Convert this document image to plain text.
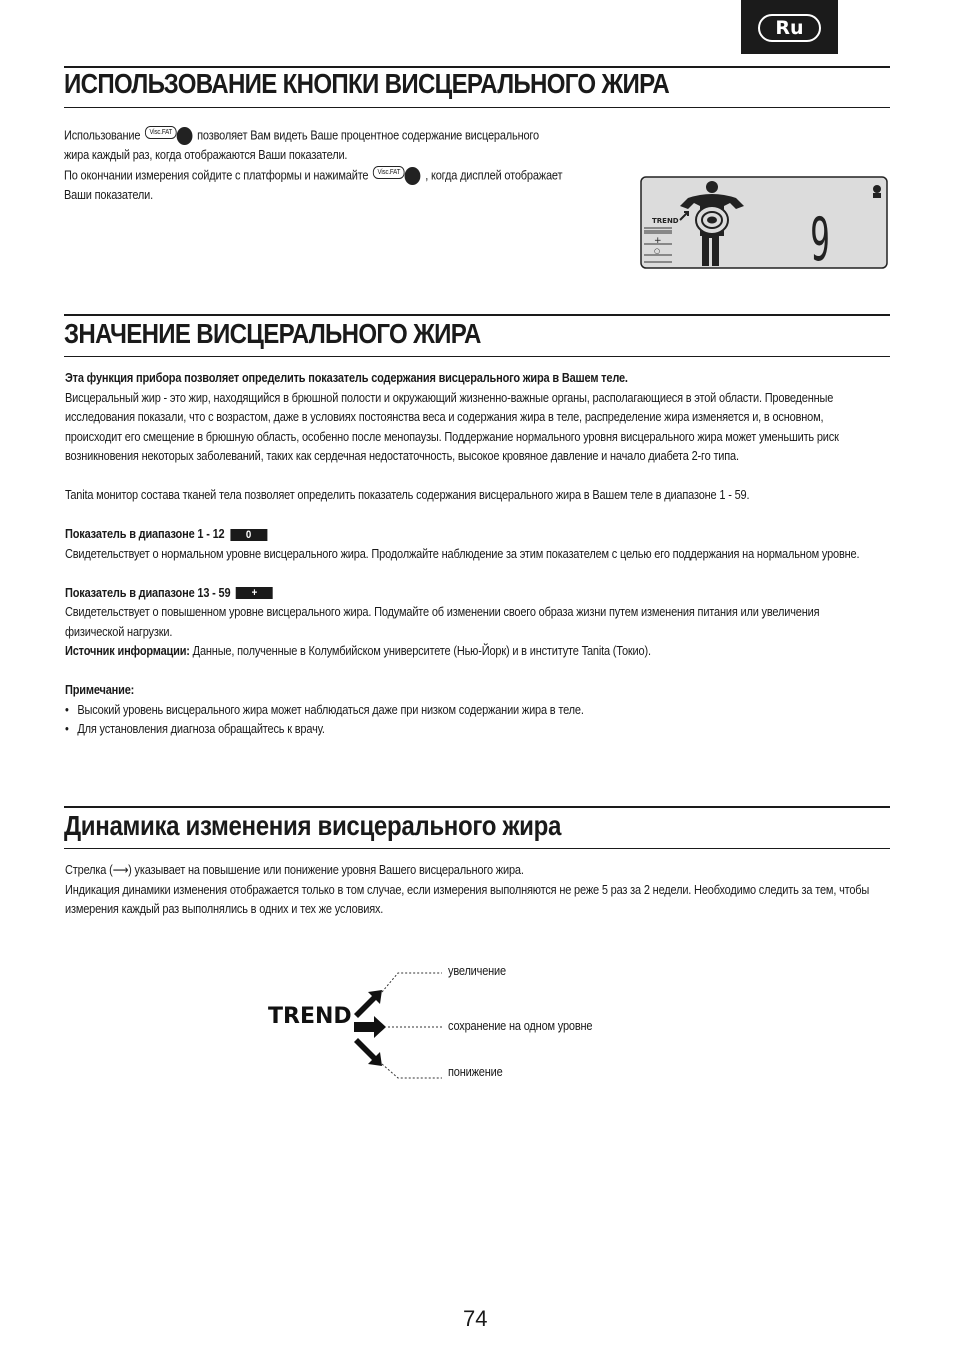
Ru
ИСПОЛЬЗОВАНИЕ КНОПКИ ВИСЦЕРАЛЬНОГО ЖИРА
Использование	Visc.FAT	позволяет Вам видеть Ваше процентное содержание висцерального
жира каждый раз, когда отображаются Ваши показатели.
По окончании измерения сойдите с платформы и нажимайте	Visc.FAT	, когда дисплей отображает
Ваши показатели.
TREND
+
○ 9
ЗНАЧЕНИЕ ВИСЦЕРАЛЬНОГО ЖИРА
Эта функция прибора позволяет определить показатель содержания висцерального жира в Вашем теле.
Висцеральный жир - это жир, находящийся в брюшной полости и окружающий жизненно-важные органы, располагающиеся в этой области. Проведенные
исследования показали, что с возрастом, даже в условиях постоянства веса и содержания жира в теле, распределение жира изменяется и, в основном,
происходит его смещение в брюшную область, особенно после менопаузы. Поддержание нормального уровня висцерального жира может уменьшить риск
возникновения некоторых заболеваний, таких как сердечная недостаточность, высокое кровяное давление и начало диабета 2-го типа.
Tanita монитор состава тканей тела позволяет определить показатель содержания висцерального жира в Вашем теле в диапазоне 1 - 59.
Показатель в диапазоне 1 - 12 0
Свидетельствует о нормальном уровне висцерального жира. Продолжайте наблюдение за этим показателем с целью его поддержания на нормальном уровне.
Показатель в диапазоне 13 - 59 +
Свидетельствует о повышенном уровне висцерального жира. Подумайте об изменении своего образа жизни путем изменения питания или увеличения
физической нагрузки.
Источник информации: Данные, полученные в Колумбийском университете (Нью-Йорк) и в институте Tanita (Токио).
Примечание:
• Высокий уровень висцерального жира может наблюдаться даже при низком содержании жира в теле.
• Для установления диагноза обращайтесь к врачу.
Динамика изменения висцерального жира
Стрелка (⟶) указывает на повышение или понижение уровня Вашего висцерального жира.
Индикация динамики изменения отображается только в том случае, если измерения выполняются не реже 5 раз за 2 недели. Необходимо следить за тем, чтобы
измерения каждый раз выполнялись в одних и тех же условиях.
TREND
увеличение
сохранение на одном уровне
понижение
74
